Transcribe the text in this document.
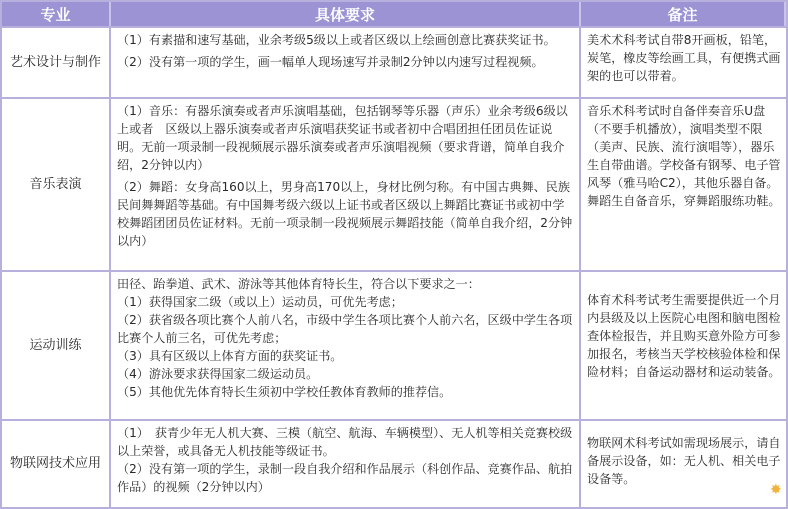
专业	具体要求	备注
艺术设计与制作
（1）有素描和速写基础，业余考级5级以上或者区级以上绘画创意比赛获奖证书。
（2）没有第一项的学生，画一幅单人现场速写并录制2分钟以内速写过程视频。
美术术科考试自带8开画板，铅笔，炭笔，橡皮等绘画工具，有便携式画架的也可以带着。
音乐表演
（1）音乐：有器乐演奏或者声乐演唱基础，包括钢琴等乐器（声乐）业余考级6级以上或者　区级以上器乐演奏或者声乐演唱获奖证书或者初中合唱团担任团员佐证说明。无前一项录制一段视频展示器乐演奏或者声乐演唱视频（要求背谱，简单自我介绍，2分钟以内）
（2）舞蹈：女身高160以上，男身高170以上，身材比例匀称。有中国古典舞、民族民间舞舞蹈等基础。有中国舞考级六级以上证书或者区级以上舞蹈比赛证书或初中学校舞蹈团团员佐证材料。无前一项录制一段视频展示舞蹈技能（简单自我介绍，2分钟以内）
音乐术科考试时自备伴奏音乐U盘（不要手机播放），演唱类型不限（美声、民族、流行演唱等），器乐生自带曲谱。学校备有钢琴、电子管风琴（雅马哈C2），其他乐器自备。舞蹈生自备音乐，穿舞蹈服练功鞋。
运动训练
田径、跆拳道、武术、游泳等其他体育特长生，符合以下要求之一：
（1）获得国家二级（或以上）运动员，可优先考虑；
（2）获省级各项比赛个人前八名，市级中学生各项比赛个人前六名，区级中学生各项比赛个人前三名，可优先考虑；
（3）具有区级以上体育方面的获奖证书。
（4）游泳要求获得国家二级运动员。
（5）其他优先体育特长生须初中学校任教体育教师的推荐信。
体育术科考试考生需要提供近一个月内县级及以上医院心电图和脑电图检查体检报告，并且购买意外险方可参加报名，考核当天学校核验体检和保险材料；自备运动器材和运动装备。
物联网技术应用
（1）　获青少年无人机大赛、三模（航空、航海、车辆模型）、无人机等相关竞赛校级以上荣誉，或具备无人机技能等级证书。
（2）没有第一项的学生，录制一段自我介绍和作品展示（科创作品、竞赛作品、航拍作品）的视频（2分钟以内）
物联网术科考试如需现场展示，请自备展示设备，如：无人机、相关电子设备等。
✸
